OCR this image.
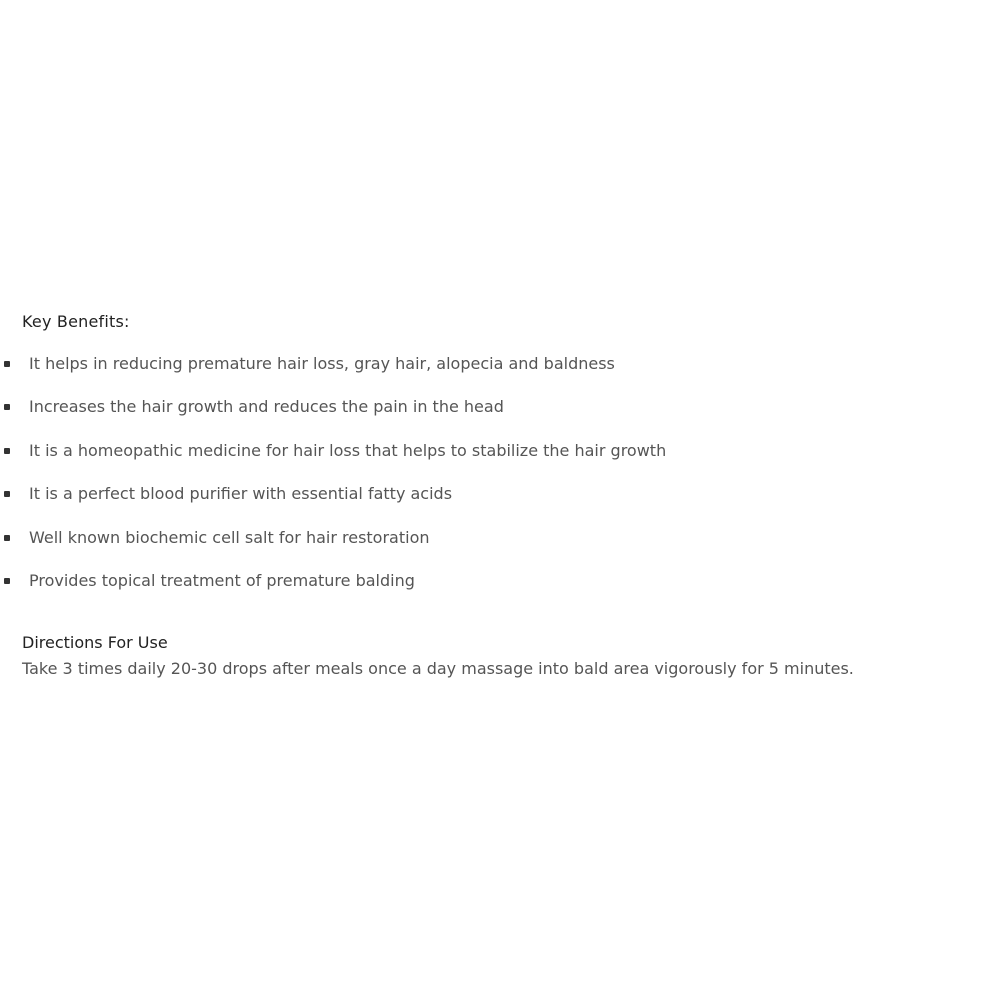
Key Benefits:
It helps in reducing premature hair loss, gray hair, alopecia and baldness
Increases the hair growth and reduces the pain in the head
It is a homeopathic medicine for hair loss that helps to stabilize the hair growth
It is a perfect blood purifier with essential fatty acids
Well known biochemic cell salt for hair restoration
Provides topical treatment of premature balding
Directions For Use
Take 3 times daily 20-30 drops after meals once a day massage into bald area vigorously for 5 minutes.
